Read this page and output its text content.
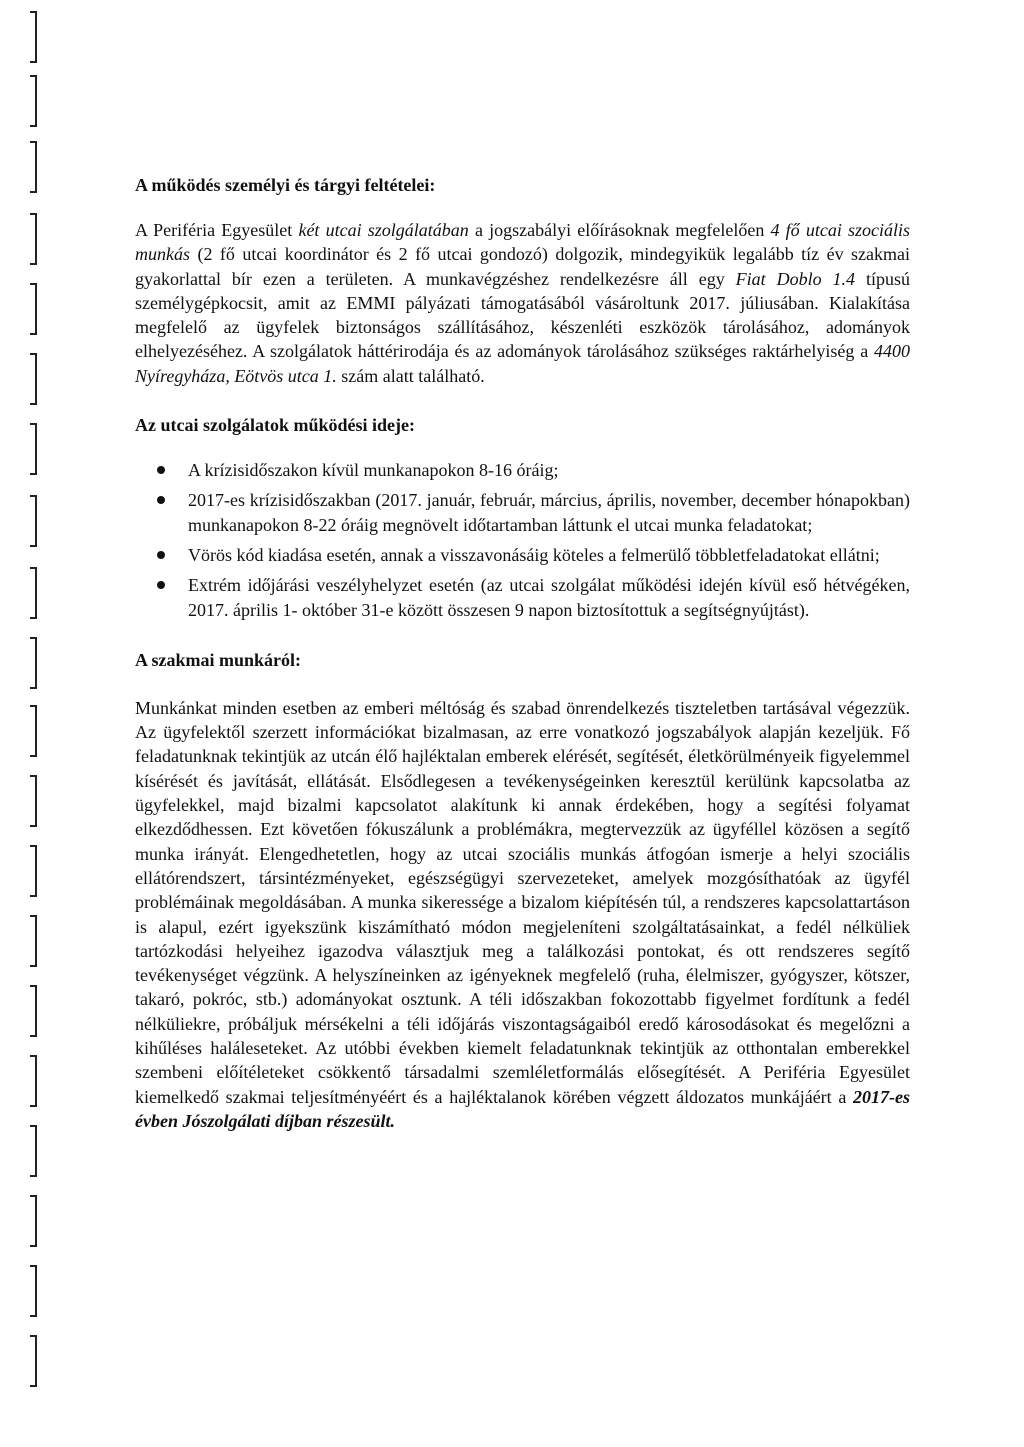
A működés személyi és tárgyi feltételei:

A Periféria Egyesület két utcai szolgálatában a jogszabályi előírásoknak megfelelően 4 fő utcai szociális munkás (2 fő utcai koordinátor és 2 fő utcai gondozó) dolgozik, mindegyikük legalább tíz év szakmai gyakorlattal bír ezen a területen. A munkavégzéshez rendelkezésre áll egy Fiat Doblo 1.4 típusú személygépkocsit, amit az EMMI pályázati támogatásából vásároltunk 2017. júliusában. Kialakítása megfelelő az ügyfelek biztonságos szállításához, készenléti eszközök tárolásához, adományok elhelyezéséhez. A szolgálatok háttérirodája és az adományok tárolásához szükséges raktárhelyiség a 4400 Nyíregyháza, Eötvös utca 1. szám alatt található.

Az utcai szolgálatok működési ideje:
A krízisidőszakon kívül munkanapokon 8-16 óráig;
2017-es krízisidőszakban (2017. január, február, március, április, november, december hónapokban) munkanapokon 8-22 óráig megnövelt időtartamban láttunk el utcai munka feladatokat;
Vörös kód kiadása esetén, annak a visszavonásáig köteles a felmerülő többletfeladatokat ellátni;
Extrém időjárási veszélyhelyzet esetén (az utcai szolgálat működési idején kívül eső hétvégéken, 2017. április 1- október 31-e között összesen 9 napon biztosítottuk a segítségnyújtást).
A szakmai munkáról:

Munkánkat minden esetben az emberi méltóság és szabad önrendelkezés tiszteletben tartásával végezzük. Az ügyfelektől szerzett információkat bizalmasan, az erre vonatkozó jogszabályok alapján kezeljük. Fő feladatunknak tekintjük az utcán élő hajléktalan emberek elérését, segítését, életkörülményeik figyelemmel kísérését és javítását, ellátását. Elsődlegesen a tevékenységeinken keresztül kerülünk kapcsolatba az ügyfelekkel, majd bizalmi kapcsolatot alakítunk ki annak érdekében, hogy a segítési folyamat elkezdődhessen. Ezt követően fókuszálunk a problémákra, megtervezzük az ügyféllel közösen a segítő munka irányát. Elengedhetetlen, hogy az utcai szociális munkás átfogóan ismerje a helyi szociális ellátórendszert, társintézményeket, egészségügyi szervezeteket, amelyek mozgósíthatóak az ügyfél problémáinak megoldásában. A munka sikeressége a bizalom kiépítésén túl, a rendszeres kapcsolattartáson is alapul, ezért igyekszünk kiszámítható módon megjeleníteni szolgáltatásainkat, a fedél nélküliek tartózkodási helyeihez igazodva választjuk meg a találkozási pontokat, és ott rendszeres segítő tevékenységet végzünk. A helyszíneinken az igényeknek megfelelő (ruha, élelmiszer, gyógyszer, kötszer, takaró, pokróc, stb.) adományokat osztunk. A téli időszakban fokozottabb figyelmet fordítunk a fedél nélküliekre, próbáljuk mérsékelni a téli időjárás viszontagságaiból eredő károsodásokat és megelőzni a kihűléses haláleseteket. Az utóbbi években kiemelt feladatunknak tekintjük az otthontalan emberekkel szembeni előítéleteket csökkentő társadalmi szemléletformálás elősegítését. A Periféria Egyesület kiemelkedő szakmai teljesítményéért és a hajléktalanok körében végzett áldozatos munkájáért a 2017-es évben Jószolgálati díjban részesült.
